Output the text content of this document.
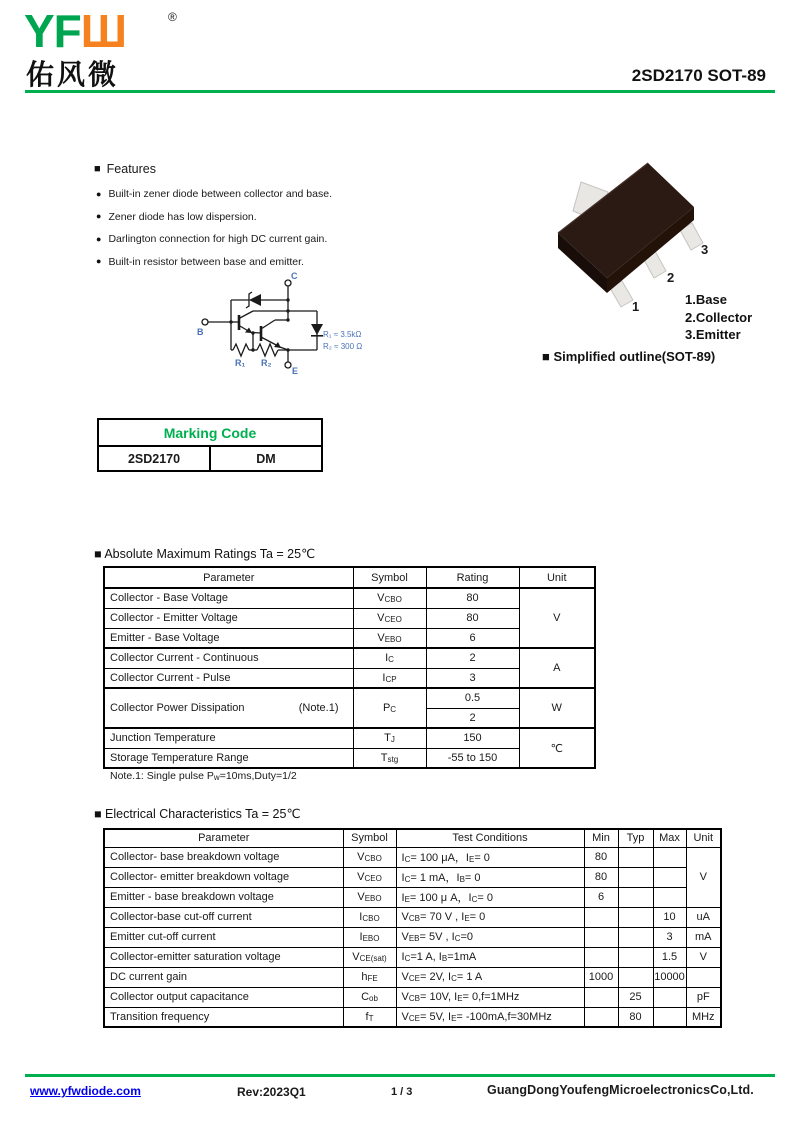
YFШ	®
佑风微	2SD2170 SOT-89
■ Features
● Built-in zener diode between collector and base.
● Zener diode has low dispersion.
● Darlington connection for high DC current gain.
● Built-in resistor between base and emitter.
B
C
E
R₁ R₂
R₁ ≈ 3.5kΩ
R₂ ≈ 300 Ω
3
2
1	1.Base
2.Collector
3.Emitter
■ Simplified outline(SOT-89)
Marking Code
2SD2170	DM
■ Absolute Maximum Ratings Ta = 25℃
Parameter	Symbol	Rating	Unit
Collector - Base Voltage	$V_{CBO}$	80	V
Collector - Emitter Voltage	$V_{CEO}$	80	
Emitter - Base Voltage	$V_{EBO}$	6	
Collector Current - Continuous	$I_C$	2	A
Collector Current - Pulse	$I_{CP}$	3	

Collector Power Dissipation (Note.1)	$P_C$	0.5	W
		2	
Junction Temperature	$T_J$	150	℃
Storage Temperature Range	$T_{stg}$	-55 to 150	
Note.1: Single pulse $P_w=10ms,Duty=1/2$
■ Electrical Characteristics Ta = 25℃
Parameter	Symbol	Test Conditions	Min	Typ	Max	Unit
Collector- base breakdown voltage	$V_{CBO}$	$I_C= 100$ μA，$I_E= 0$	80			V
Collector- emitter breakdown voltage	$V_{CEO}$	$I_C= 1$ mA，$I_B= 0$	80			
Emitter - base breakdown voltage	$V_{EBO}$	$I_E= 100$ μ A，$I_C= 0$	6			
Collector-base cut-off current	$I_{CBO}$	$V_{CB}= 70$ V , $I_E= 0$			10	uA
Emitter cut-off current	$I_{EBO}$	$V_{EB}= 5V$ , $I_C=0$			3	mA
Collector-emitter saturation voltage	$V_{CE(sat)}$	$I_C=1$ A, $I_B=1mA$			1.5	V
DC current gain	$h_{FE}$	$V_{CE}= 2V$, $I_C= 1$ A	1000		10000	
Collector output capacitance	$C_{ob}$	$V_{CB}= 10V$, $I_E= 0,f=1MHz$		25		pF
Transition frequency	$f_T$	$V_{CE}= 5V$, $I_E= -100mA,f=30MHz$		80		MHz
www.yfwdiode.com	Rev:2023Q1	1 / 3	GuangDongYoufengMicroelectronicsCo,Ltd.
